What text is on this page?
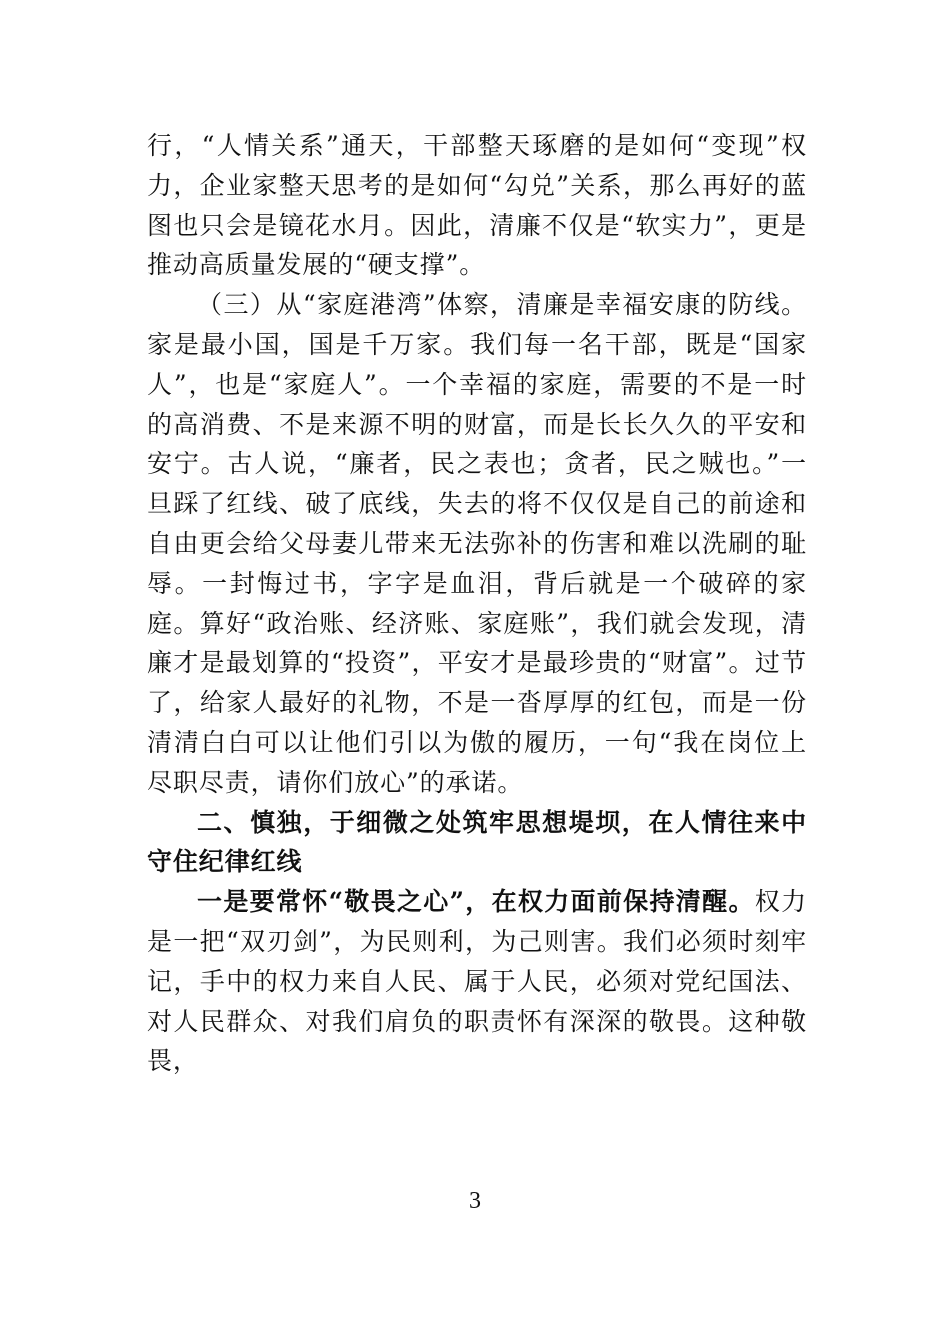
行，“人情关系”通天，干部整天琢磨的是如何“变现”权力，企业家整天思考的是如何“勾兑”关系，那么再好的蓝图也只会是镜花水月。因此，清廉不仅是“软实力”，更是推动高质量发展的“硬支撑”。

（三）从“家庭港湾”体察，清廉是幸福安康的防线。家是最小国，国是千万家。我们每一名干部，既是“国家人”，也是“家庭人”。一个幸福的家庭，需要的不是一时的高消费、不是来源不明的财富，而是长长久久的平安和安宁。古人说，“廉者，民之表也；贪者，民之贼也。”一旦踩了红线、破了底线，失去的将不仅仅是自己的前途和自由更会给父母妻儿带来无法弥补的伤害和难以洗刷的耻辱。一封悔过书，字字是血泪，背后就是一个破碎的家庭。算好“政治账、经济账、家庭账”，我们就会发现，清廉才是最划算的“投资”，平安才是最珍贵的“财富”。过节了，给家人最好的礼物，不是一沓厚厚的红包，而是一份清清白白可以让他们引以为傲的履历，一句“我在岗位上尽职尽责，请你们放心”的承诺。

二、慎独，于细微之处筑牢思想堤坝，在人情往来中守住纪律红线

一是要常怀“敬畏之心”，在权力面前保持清醒。权力是一把“双刃剑”，为民则利，为己则害。我们必须时刻牢记，手中的权力来自人民、属于人民，必须对党纪国法、对人民群众、对我们肩负的职责怀有深深的敬畏。这种敬畏，

3
